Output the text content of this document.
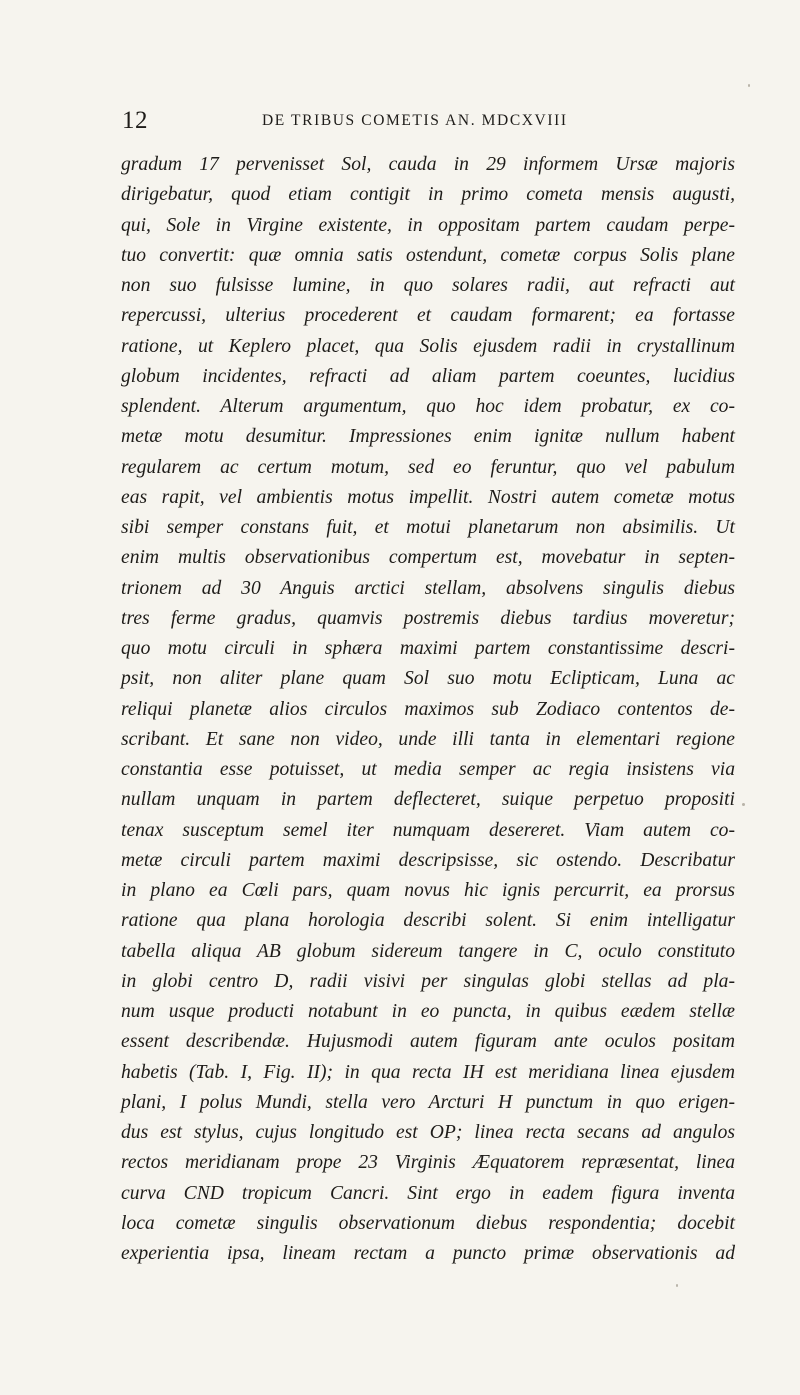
12	DE TRIBUS COMETIS AN. MDCXVIII
gradum 17 pervenisset Sol, cauda in 29 informem Ursæ majoris
dirigebatur, quod etiam contigit in primo cometa mensis augusti,
qui, Sole in Virgine existente, in oppositam partem caudam perpe-
tuo convertit: quæ omnia satis ostendunt, cometæ corpus Solis plane
non suo fulsisse lumine, in quo solares radii, aut refracti aut
repercussi, ulterius procederent et caudam formarent; ea fortasse
ratione, ut Keplero placet, qua Solis ejusdem radii in crystallinum
globum incidentes, refracti ad aliam partem coeuntes, lucidius
splendent. Alterum argumentum, quo hoc idem probatur, ex co-
metæ motu desumitur. Impressiones enim ignitæ nullum habent
regularem ac certum motum, sed eo feruntur, quo vel pabulum
eas rapit, vel ambientis motus impellit. Nostri autem cometæ motus
sibi semper constans fuit, et motui planetarum non absimilis. Ut
enim multis observationibus compertum est, movebatur in septen-
trionem ad 30 Anguis arctici stellam, absolvens singulis diebus
tres ferme gradus, quamvis postremis diebus tardius moveretur;
quo motu circuli in sphæra maximi partem constantissime descri-
psit, non aliter plane quam Sol suo motu Eclipticam, Luna ac
reliqui planetæ alios circulos maximos sub Zodiaco contentos de-
scribant. Et sane non video, unde illi tanta in elementari regione
constantia esse potuisset, ut media semper ac regia insistens via
nullam unquam in partem deflecteret, suique perpetuo propositi
tenax susceptum semel iter numquam desereret. Viam autem co-
metæ circuli partem maximi descripsisse, sic ostendo. Describatur
in plano ea Cœli pars, quam novus hic ignis percurrit, ea prorsus
ratione qua plana horologia describi solent. Si enim intelligatur
tabella aliqua AB globum sidereum tangere in C, oculo constituto
in globi centro D, radii visivi per singulas globi stellas ad pla-
num usque producti notabunt in eo puncta, in quibus eædem stellæ
essent describendæ. Hujusmodi autem figuram ante oculos positam
habetis (Tab. I, Fig. II); in qua recta IH est meridiana linea ejusdem
plani, I polus Mundi, stella vero Arcturi H punctum in quo erigen-
dus est stylus, cujus longitudo est OP; linea recta secans ad angulos
rectos meridianam prope 23 Virginis Æquatorem repræsentat, linea
curva CND tropicum Cancri. Sint ergo in eadem figura inventa
loca cometæ singulis observationum diebus respondentia; docebit
experientia ipsa, lineam rectam a puncto primæ observationis ad
